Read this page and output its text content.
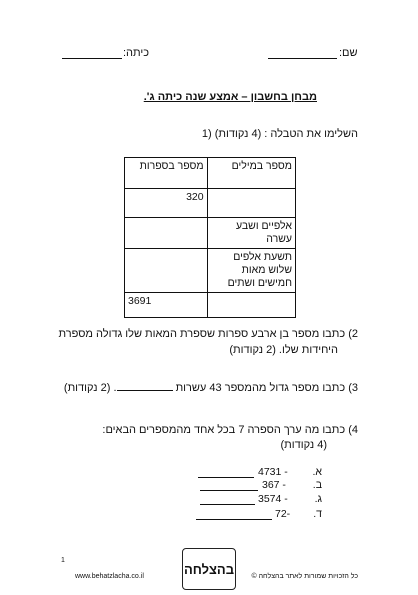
שם:
כיתה:
מבחן בחשבון – אמצע שנה כיתה ג'.
1) השלימו את הטבלה : (4 נקודות)
מספר במילים	מספר בספרות
	320
אלפיים ושבע עשרה	
תשעת אלפים שלוש מאות חמישים ושתים	
	3691
2) כתבו מספר בן ארבע ספרות שספרת המאות שלו גדולה מספרת
היחידות שלו. (2 נקודות)
3) כתבו מספר גדול מהמספר 43 עשרות . (2 נקודות)
4) כתבו מה ערך הספרה 7 בכל אחד מהמספרים הבאים:
(4 נקודות)
א.
4731 -
ב.
367 -
ג.
3574 -
ד.
72-
1
www.behatzlacha.co.il	בהצלחה כל הזכויות שמורות לאתר בהצלחה ©
